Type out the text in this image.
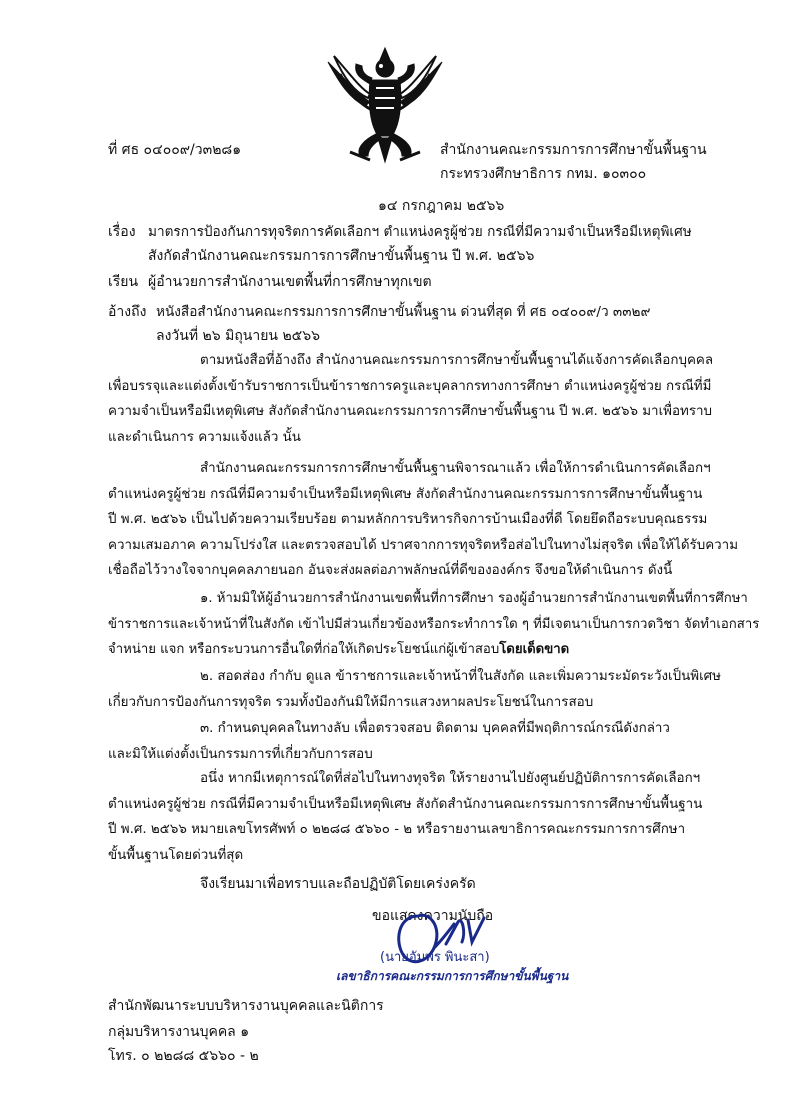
ที่ ศธ ๐๔๐๐๙/ว๓๒๘๑	สำนักงานคณะกรรมการการศึกษาขั้นพื้นฐาน
กระทรวงศึกษาธิการ กทม. ๑๐๓๐๐
๑๔ กรกฎาคม ๒๕๖๖
เรื่อง มาตรการป้องกันการทุจริตการคัดเลือกฯ ตำแหน่งครูผู้ช่วย กรณีที่มีความจำเป็นหรือมีเหตุพิเศษ
สังกัดสำนักงานคณะกรรมการการศึกษาขั้นพื้นฐาน ปี พ.ศ. ๒๕๖๖
เรียน ผู้อำนวยการสำนักงานเขตพื้นที่การศึกษาทุกเขต
อ้างถึง หนังสือสำนักงานคณะกรรมการการศึกษาขั้นพื้นฐาน ด่วนที่สุด ที่ ศธ ๐๔๐๐๙/ว ๓๓๒๙
ลงวันที่ ๒๖ มิถุนายน ๒๕๖๖
ตามหนังสือที่อ้างถึง สำนักงานคณะกรรมการการศึกษาขั้นพื้นฐานได้แจ้งการคัดเลือกบุคคล
เพื่อบรรจุและแต่งตั้งเข้ารับราชการเป็นข้าราชการครูและบุคลากรทางการศึกษา ตำแหน่งครูผู้ช่วย กรณีที่มี
ความจำเป็นหรือมีเหตุพิเศษ สังกัดสำนักงานคณะกรรมการการศึกษาขั้นพื้นฐาน ปี พ.ศ. ๒๕๖๖ มาเพื่อทราบ
และดำเนินการ ความแจ้งแล้ว นั้น
สำนักงานคณะกรรมการการศึกษาขั้นพื้นฐานพิจารณาแล้ว เพื่อให้การดำเนินการคัดเลือกฯ
ตำแหน่งครูผู้ช่วย กรณีที่มีความจำเป็นหรือมีเหตุพิเศษ สังกัดสำนักงานคณะกรรมการการศึกษาขั้นพื้นฐาน
ปี พ.ศ. ๒๕๖๖ เป็นไปด้วยความเรียบร้อย ตามหลักการบริหารกิจการบ้านเมืองที่ดี โดยยึดถือระบบคุณธรรม
ความเสมอภาค ความโปร่งใส และตรวจสอบได้ ปราศจากการทุจริตหรือส่อไปในทางไม่สุจริต เพื่อให้ได้รับความ
เชื่อถือไว้วางใจจากบุคคลภายนอก อันจะส่งผลต่อภาพลักษณ์ที่ดีขององค์กร จึงขอให้ดำเนินการ ดังนี้
๑. ห้ามมิให้ผู้อำนวยการสำนักงานเขตพื้นที่การศึกษา รองผู้อำนวยการสำนักงานเขตพื้นที่การศึกษา
ข้าราชการและเจ้าหน้าที่ในสังกัด เข้าไปมีส่วนเกี่ยวข้องหรือกระทำการใด ๆ ที่มีเจตนาเป็นการกวดวิชา จัดทำเอกสาร
จำหน่าย แจก หรือกระบวนการอื่นใดที่ก่อให้เกิดประโยชน์แก่ผู้เข้าสอบโดยเด็ดขาด
๒. สอดส่อง กำกับ ดูแล ข้าราชการและเจ้าหน้าที่ในสังกัด และเพิ่มความระมัดระวังเป็นพิเศษ
เกี่ยวกับการป้องกันการทุจริต รวมทั้งป้องกันมิให้มีการแสวงหาผลประโยชน์ในการสอบ
๓. กำหนดบุคคลในทางลับ เพื่อตรวจสอบ ติดตาม บุคคลที่มีพฤติการณ์กรณีดังกล่าว
และมิให้แต่งตั้งเป็นกรรมการที่เกี่ยวกับการสอบ
อนึ่ง หากมีเหตุการณ์ใดที่ส่อไปในทางทุจริต ให้รายงานไปยังศูนย์ปฏิบัติการการคัดเลือกฯ
ตำแหน่งครูผู้ช่วย กรณีที่มีความจำเป็นหรือมีเหตุพิเศษ สังกัดสำนักงานคณะกรรมการการศึกษาขั้นพื้นฐาน
ปี พ.ศ. ๒๕๖๖ หมายเลขโทรศัพท์ ๐ ๒๒๘๘ ๕๖๖๐ - ๒ หรือรายงานเลขาธิการคณะกรรมการการศึกษา
ขั้นพื้นฐานโดยด่วนที่สุด
จึงเรียนมาเพื่อทราบและถือปฏิบัติโดยเคร่งครัด
ขอแสดงความนับถือ
(นายอัมพร พินะสา)
เลขาธิการคณะกรรมการการศึกษาขั้นพื้นฐาน
สำนักพัฒนาระบบบริหารงานบุคคลและนิติการ
กลุ่มบริหารงานบุคคล ๑
โทร. ๐ ๒๒๘๘ ๕๖๖๐ - ๒
